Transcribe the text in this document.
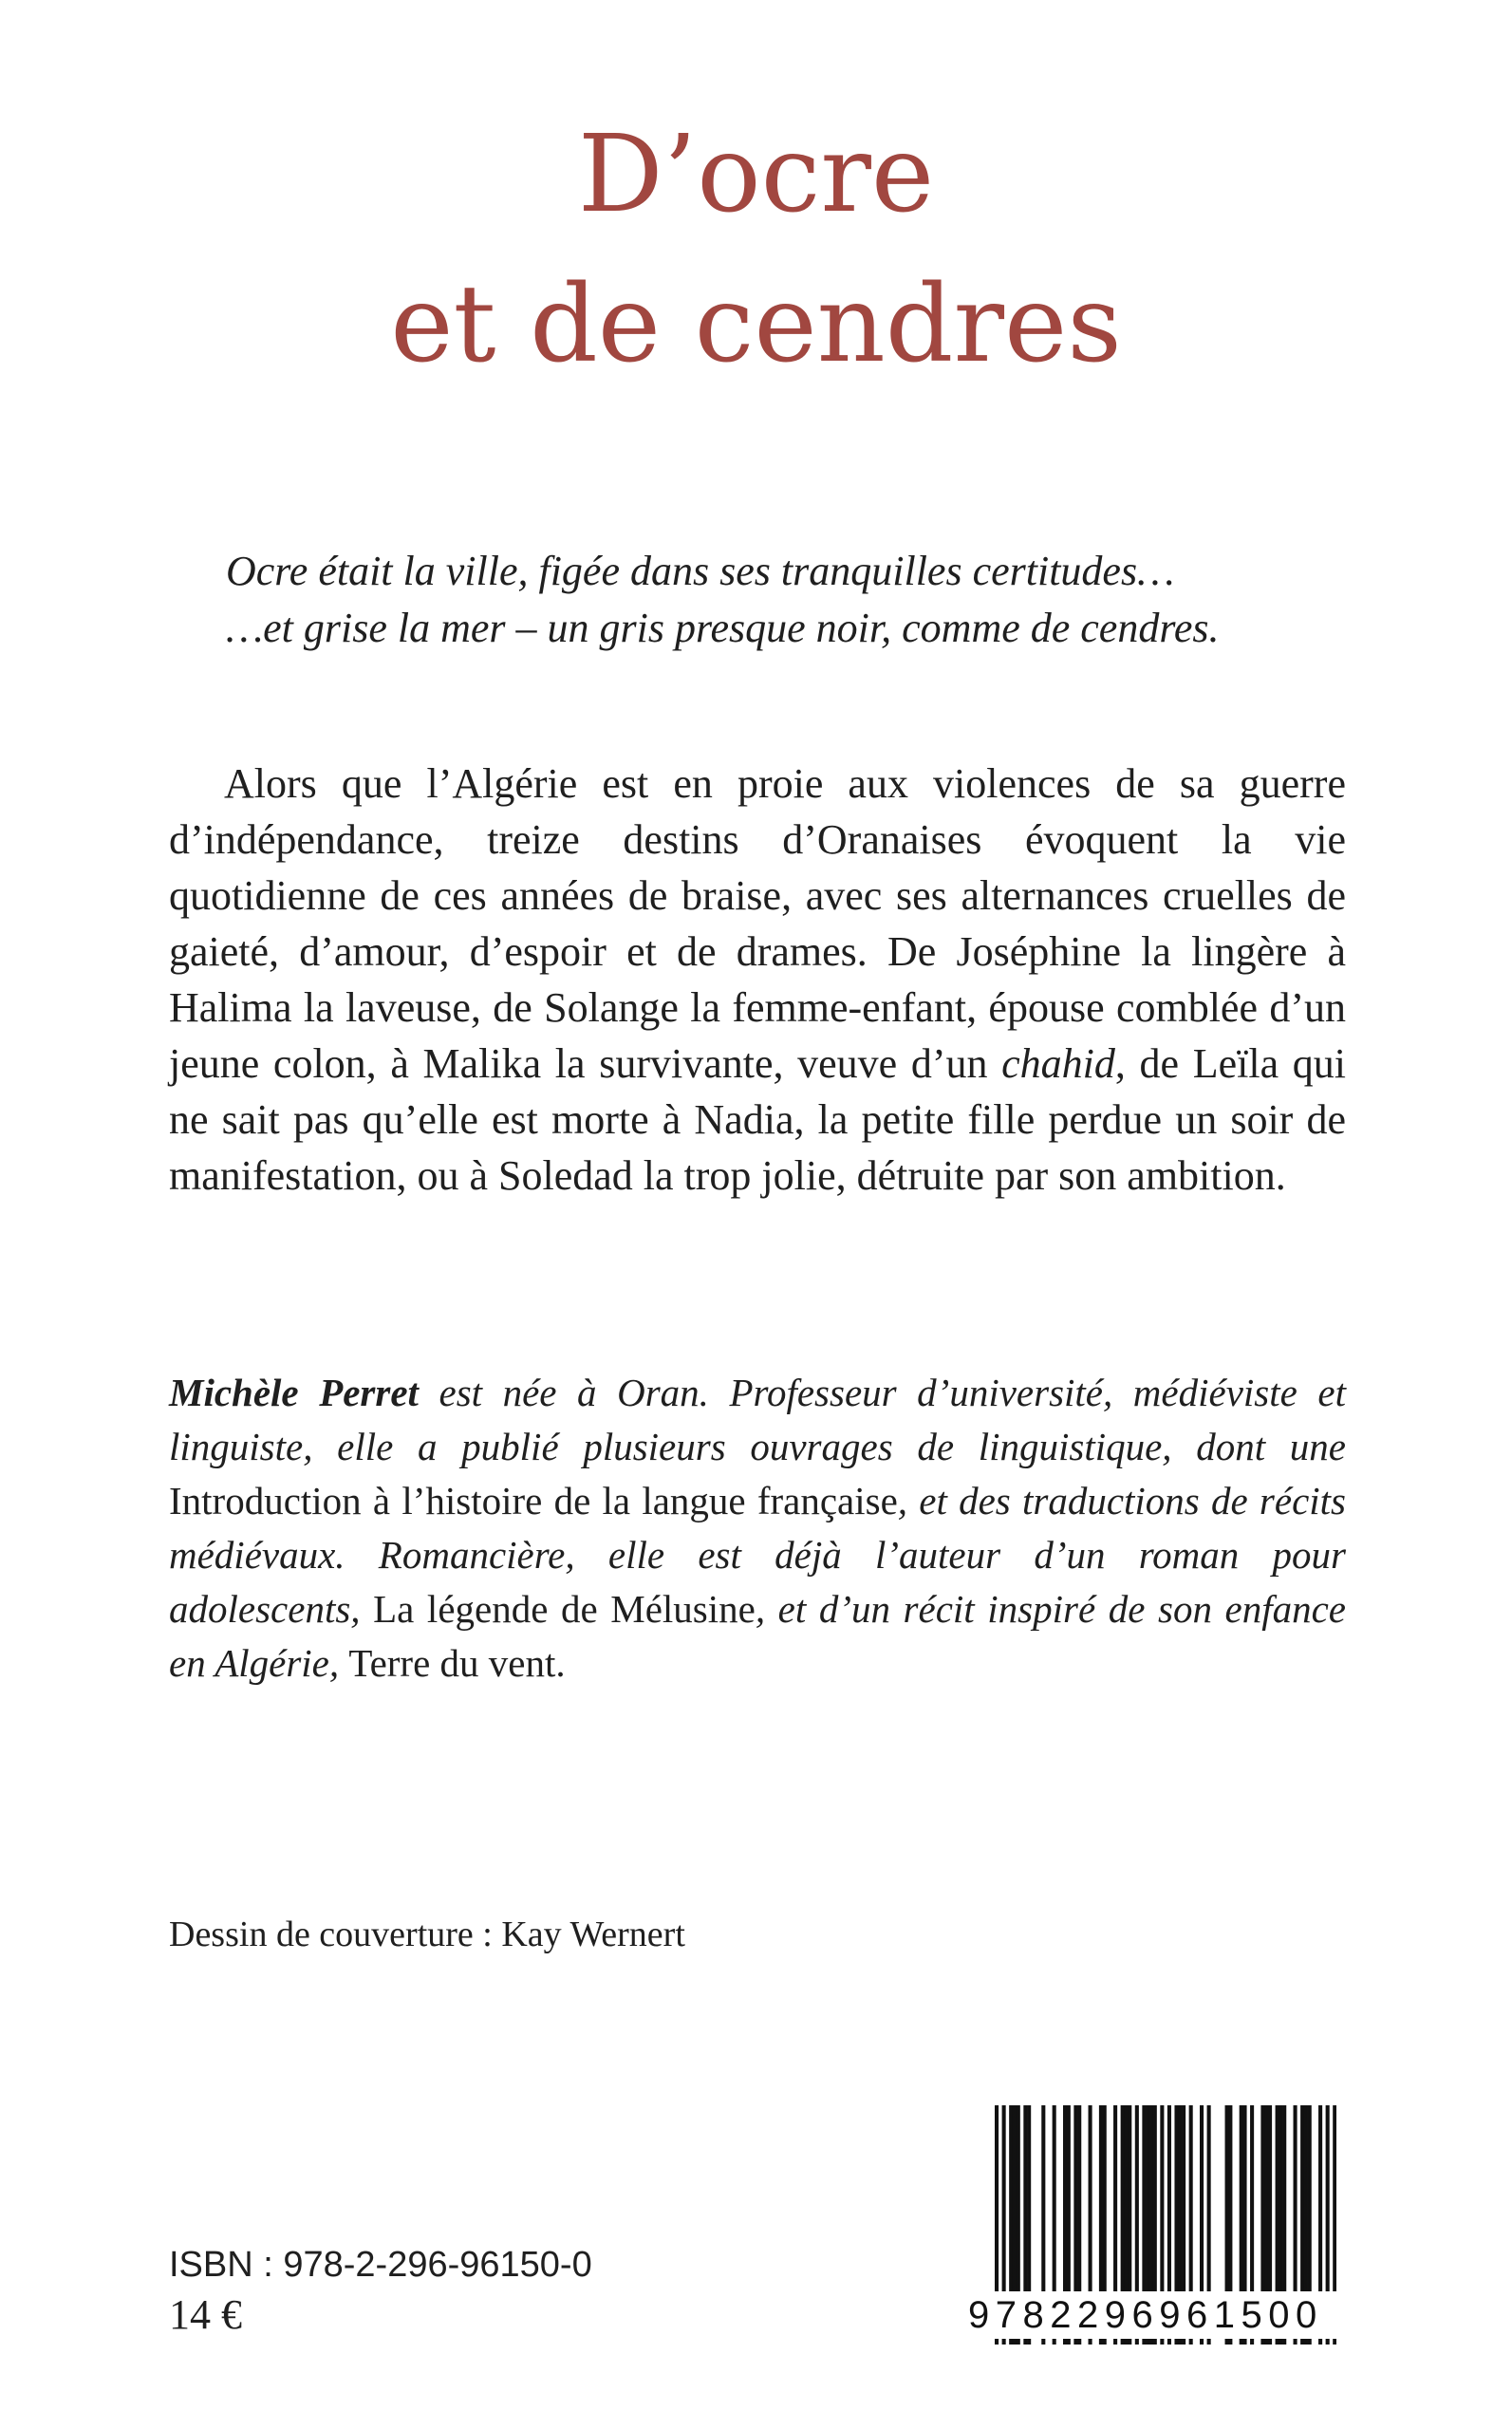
D’ocre
et de cendres
Ocre était la ville, figée dans ses tranquilles certitudes…
…et grise la mer – un gris presque noir, comme de cendres.

Alors que l’Algérie est en proie aux violences de sa guerre d’indépendance, treize destins d’Oranaises évoquent la vie quotidienne de ces années de braise, avec ses alternances cruelles de gaieté, d’amour, d’espoir et de drames. De Joséphine la lingère à Halima la laveuse, de Solange la femme-enfant, épouse comblée d’un jeune colon, à Malika la survivante, veuve d’un chahid, de Leïla qui ne sait pas qu’elle est morte à Nadia, la petite fille perdue un soir de manifestation, ou à Soledad la trop jolie, détruite par son ambition.

Michèle Perret est née à Oran. Professeur d’université, médiéviste et linguiste, elle a publié plusieurs ouvrages de linguistique, dont une Introduction à l’histoire de la langue française, et des traductions de récits médiévaux. Romancière, elle est déjà l’auteur d’un roman pour adolescents, La légende de Mélusine, et d’un récit inspiré de son enfance en Algérie, Terre du vent.

Dessin de couverture : Kay Wernert
ISBN : 978-2-296-96150-0
14 €	9782296961500
